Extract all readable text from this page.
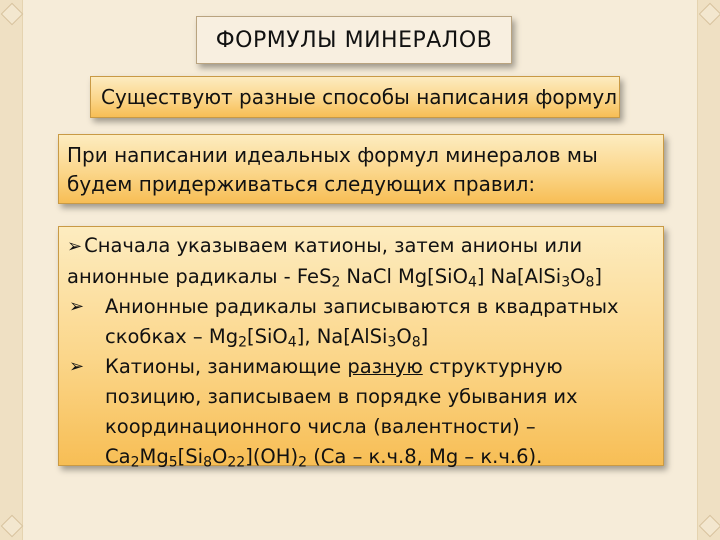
ФОРМУЛЫ МИНЕРАЛОВ
Существуют разные способы написания формул
При написании идеальных формул минералов мы будем придерживаться следующих правил:
➢ Сначала указываем катионы, затем анионы или анионные радикалы - FeS$_2$ NaCl Mg[SiO$_4$] $Na[AlSi_3O_8]$
➢ Анионные радикалы записываются в квадратных скобках – $Mg_2[SiO_4]$, $Na[AlSi_3O_8]$
➢ Катионы, занимающие разную структурную позицию, записываем в порядке убывания их координационного числа (валентности) – $Ca_2Mg_5[Si_8O_{22}](OH)_2$ (Ca – к.ч.8, Mg – к.ч.6).
